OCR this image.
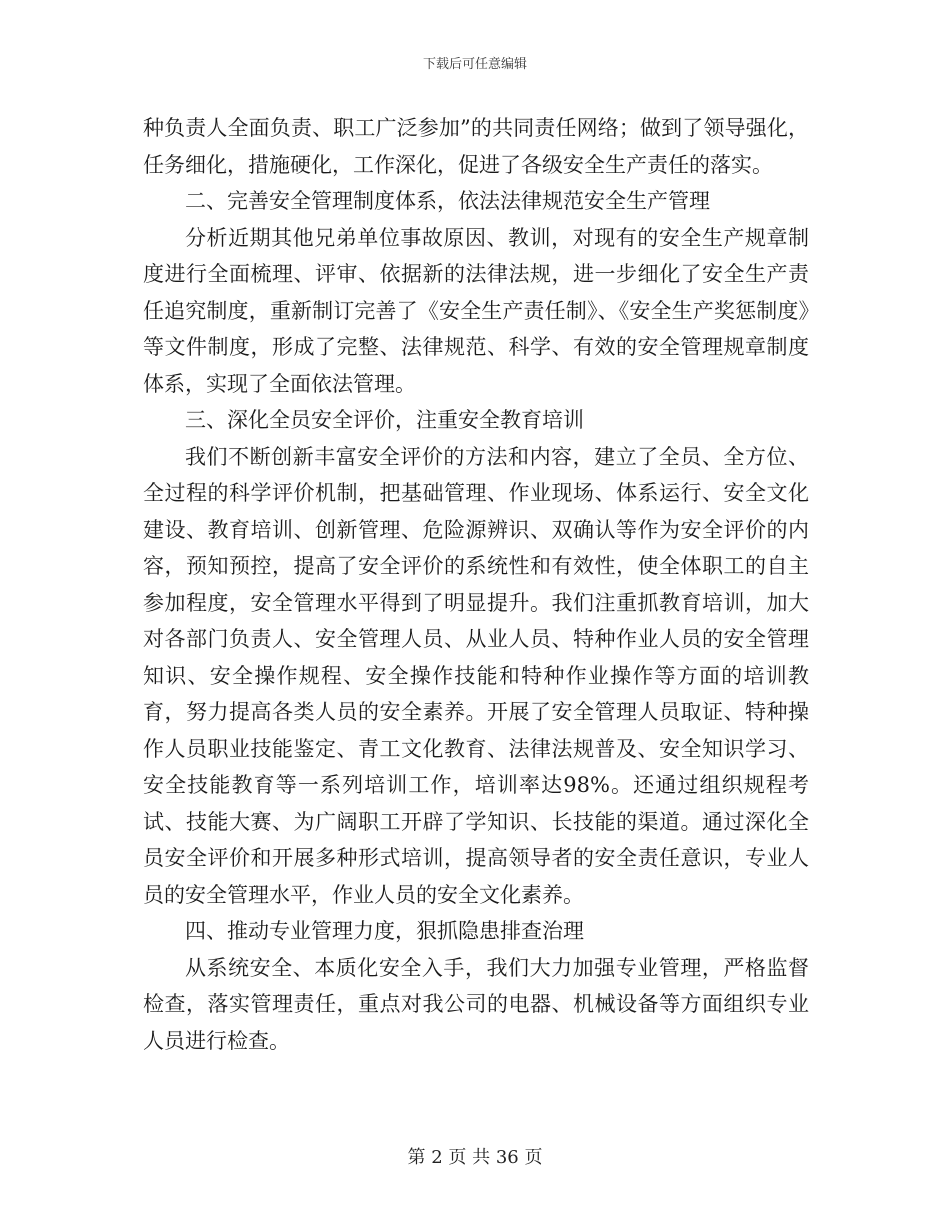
下载后可任意编辑

种负责人全面负责、职工广泛参加”的共同责任网络；做到了领导强化，任务细化，措施硬化，工作深化，促进了各级安全生产责任的落实。

二、完善安全管理制度体系，依法法律规范安全生产管理

分析近期其他兄弟单位事故原因、教训，对现有的安全生产规章制度进行全面梳理、评审、依据新的法律法规，进一步细化了安全生产责任追究制度，重新制订完善了《安全生产责任制》、《安全生产奖惩制度》等文件制度，形成了完整、法律规范、科学、有效的安全管理规章制度体系，实现了全面依法管理。

三、深化全员安全评价，注重安全教育培训

我们不断创新丰富安全评价的方法和内容，建立了全员、全方位、全过程的科学评价机制，把基础管理、作业现场、体系运行、安全文化建设、教育培训、创新管理、危险源辨识、双确认等作为安全评价的内容，预知预控，提高了安全评价的系统性和有效性，使全体职工的自主参加程度，安全管理水平得到了明显提升。我们注重抓教育培训，加大对各部门负责人、安全管理人员、从业人员、特种作业人员的安全管理知识、安全操作规程、安全操作技能和特种作业操作等方面的培训教育，努力提高各类人员的安全素养。开展了安全管理人员取证、特种操作人员职业技能鉴定、青工文化教育、法律法规普及、安全知识学习、安全技能教育等一系列培训工作，培训率达98%。还通过组织规程考试、技能大赛、为广阔职工开辟了学知识、长技能的渠道。通过深化全员安全评价和开展多种形式培训，提高领导者的安全责任意识，专业人员的安全管理水平，作业人员的安全文化素养。

四、推动专业管理力度，狠抓隐患排查治理

从系统安全、本质化安全入手，我们大力加强专业管理，严格监督检查，落实管理责任，重点对我公司的电器、机械设备等方面组织专业人员进行检查。

第 2 页 共 36 页
